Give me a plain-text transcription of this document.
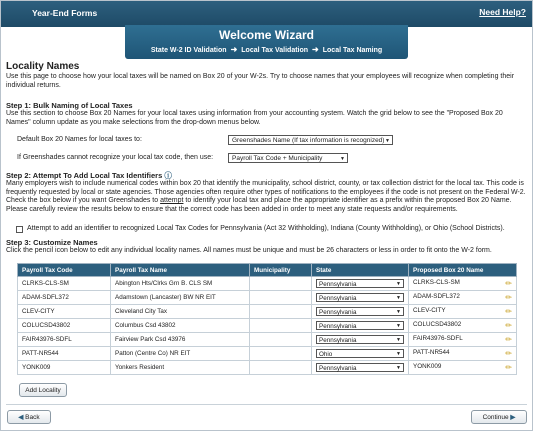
Year-End Forms	Need Help?
Welcome Wizard
State W-2 ID Validation ➜ Local Tax Validation ➜ Local Tax Naming
Locality Names

Use this page to choose how your local taxes will be named on Box 20 of your W-2s. Try to choose names that your employees will recognize when completing their individual returns.

Step 1: Bulk Naming of Local Taxes

Use this section to choose Box 20 Names for your local taxes using information from your accounting system. Watch the grid below to see the "Proposed Box 20 Names" column update as you make selections from the drop-down menus below.

Default Box 20 Names for local taxes to:	Greenshades Name (If tax information is recognized) ▼
If Greenshades cannot recognize your local tax code, then use:	Payroll Tax Code + Municipality	▼
Step 2: Attempt To Add Local Tax Identifiers ⓘ

Many employers wish to include numerical codes within box 20 that identify the municipality, school district, county, or tax collection district for the local tax. This code is frequently requested by local or state agencies. Those agencies often require other types of notifications to the employees if the code is not present on the Federal W-2. Check the box below if you want Greenshades to attempt to identify your local tax and place the appropriate identifier as a prefix within the proposed Box 20 Name. Please carefully review the results below to ensure that the correct code has been added in order to meet any state requests and/or requirements.

Attempt to add an identifier to recognized Local Tax Codes for Pennsylvania (Act 32 Withholding), Indiana (County Withholding), or Ohio (School Districts).
Step 3: Customize Names

Click the pencil icon below to edit any individual locality names. All names must be unique and must be 26 characters or less in order to fit onto the W-2 form.

Payroll Tax Code	Payroll Tax Name	Municipality	State	Proposed Box 20 Name
CLRKS-CLS-SM	Abington Hts/Clrks Grn B. CLS SM		Pennsylvania ▼	CLRKS-CLS-SM ✏

ADAM-SDFL372	Adamstown (Lancaster) BW NR EIT		Pennsylvania ▼	ADAM-SDFL372 ✏

CLEV-CITY	Cleveland City Tax		Pennsylvania ▼	CLEV-CITY ✏

COLUCSD43802	Columbus Csd 43802		Pennsylvania ▼	COLUCSD43802 ✏

FAIR43976-SDFL	Fairview Park Csd 43976		Pennsylvania ▼	FAIR43976-SDFL ✏

PATT-NR544	Patton (Centre Co) NR EIT		Ohio ▼	PATT-NR544 ✏

YONK009	Yonkers Resident		Pennsylvania ▼	YONK009 ✏
Add Locality
◀ Back	Continue ▶
